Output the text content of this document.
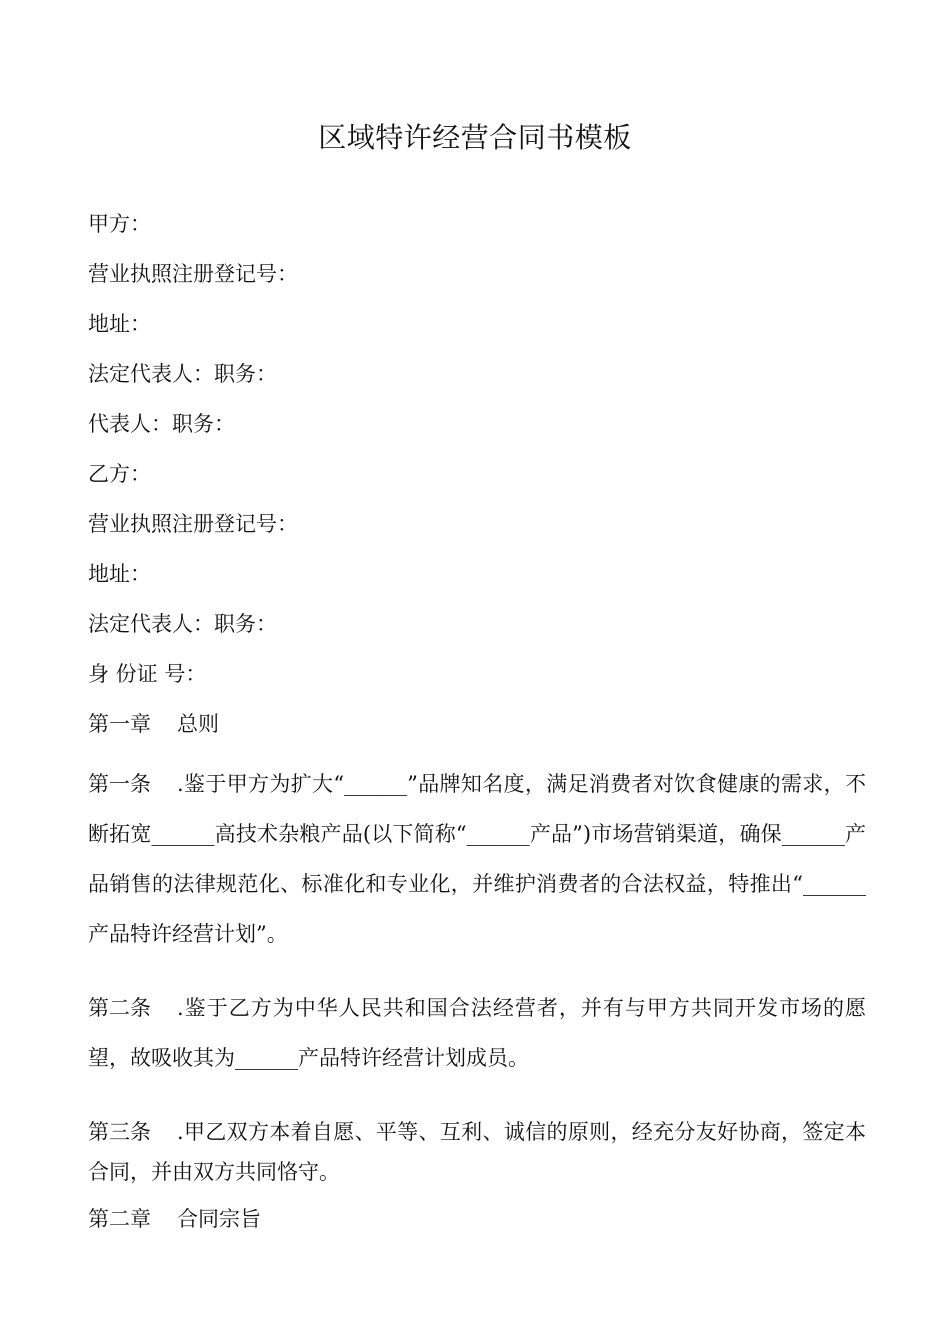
区域特许经营合同书模板
甲方：
营业执照注册登记号：
地址：
法定代表人：职务：
代表人：职务：
乙方：
营业执照注册登记号：
地址：
法定代表人：职务：
身 份证 号：
第一章 总则
第一条 .鉴于甲方为扩大“______”品牌知名度，满足消费者对饮食健康的需求，不断拓宽______高技术杂粮产品(以下简称“______产品”)市场营销渠道，确保______产品销售的法律规范化、标准化和专业化，并维护消费者的合法权益，特推出“______产品特许经营计划”。
第二条 .鉴于乙方为中华人民共和国合法经营者，并有与甲方共同开发市场的愿望，故吸收其为______产品特许经营计划成员。
第三条 .甲乙双方本着自愿、平等、互利、诚信的原则，经充分友好协商，签定本合同，并由双方共同恪守。
第二章 合同宗旨
